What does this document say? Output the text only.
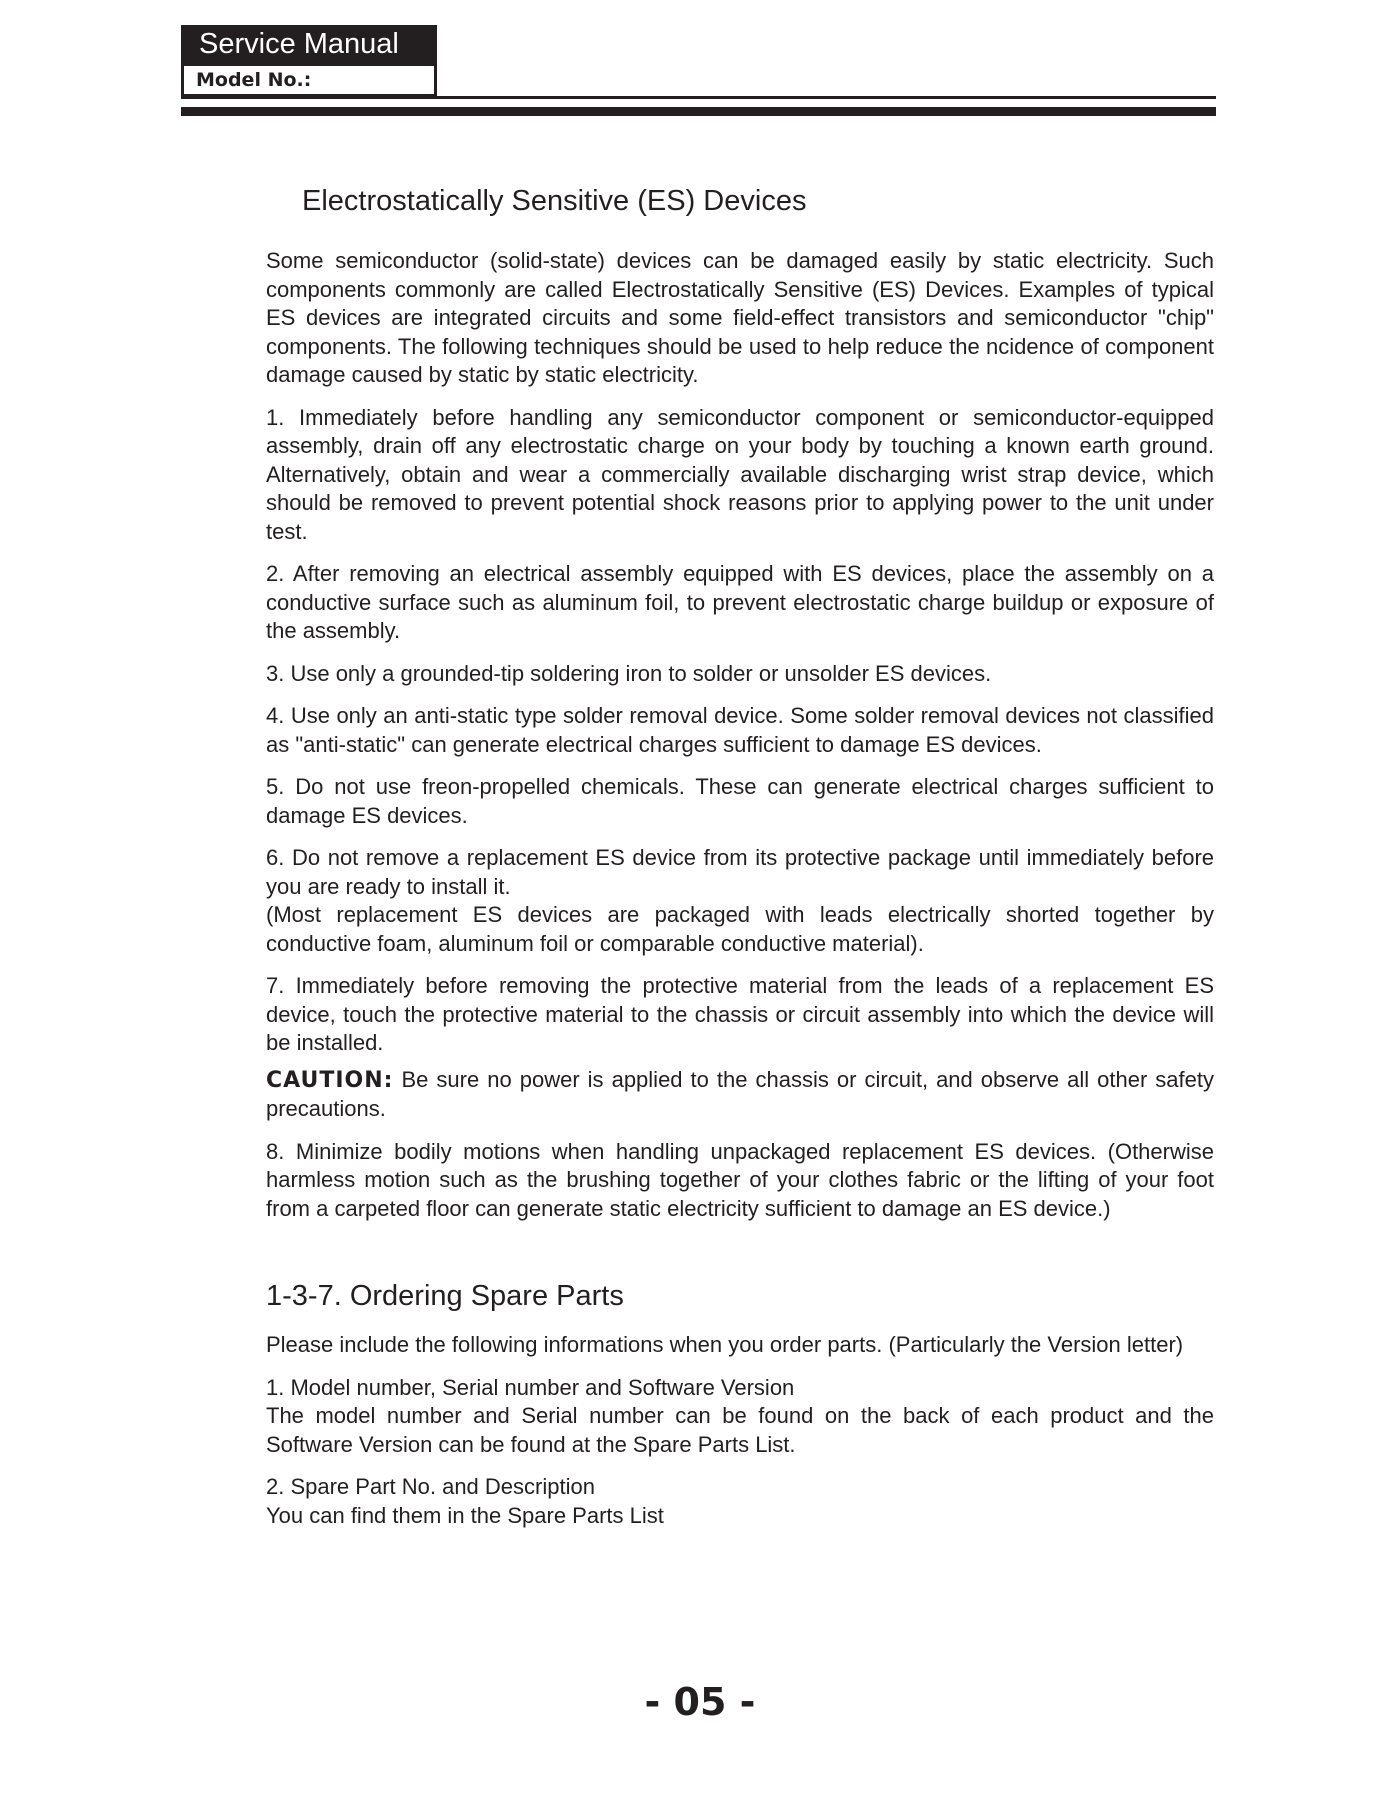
Service Manual
Model No.:
Electrostatically Sensitive (ES) Devices

Some semiconductor (solid-state) devices can be damaged easily by static electricity. Such components commonly are called Electrostatically Sensitive (ES) Devices. Examples of typical ES devices are integrated circuits and some field-effect transistors and semiconductor "chip" components. The following techniques should be used to help reduce the ncidence of component damage caused by static by static electricity.

1. Immediately before handling any semiconductor component or semiconductor-equipped assembly, drain off any electrostatic charge on your body by touching a known earth ground. Alternatively, obtain and wear a commercially available discharging wrist strap device, which should be removed to prevent potential shock reasons prior to applying power to the unit under test.

2. After removing an electrical assembly equipped with ES devices, place the assembly on a conductive surface such as aluminum foil, to prevent electrostatic charge buildup or exposure of the assembly.

3. Use only a grounded-tip soldering iron to solder or unsolder ES devices.

4. Use only an anti-static type solder removal device. Some solder removal devices not classified as "anti-static" can generate electrical charges sufficient to damage ES devices.

5. Do not use freon-propelled chemicals. These can generate electrical charges sufficient to damage ES devices.

6. Do not remove a replacement ES device from its protective package until immediately before you are ready to install it.

(Most replacement ES devices are packaged with leads electrically shorted together by conductive foam, aluminum foil or comparable conductive material).

7. Immediately before removing the protective material from the leads of a replacement ES device, touch the protective material to the chassis or circuit assembly into which the device will be installed.

CAUTION: Be sure no power is applied to the chassis or circuit, and observe all other safety precautions.

8. Minimize bodily motions when handling unpackaged replacement ES devices. (Otherwise harmless motion such as the brushing together of your clothes fabric or the lifting of your foot from a carpeted floor can generate static electricity sufficient to damage an ES device.)

1-3-7. Ordering Spare Parts

Please include the following informations when you order parts. (Particularly the Version letter)

1. Model number, Serial number and Software Version
The model number and Serial number can be found on the back of each product and the Software Version can be found at the Spare Parts List.

2. Spare Part No. and Description
You can find them in the Spare Parts List

- 05 -
